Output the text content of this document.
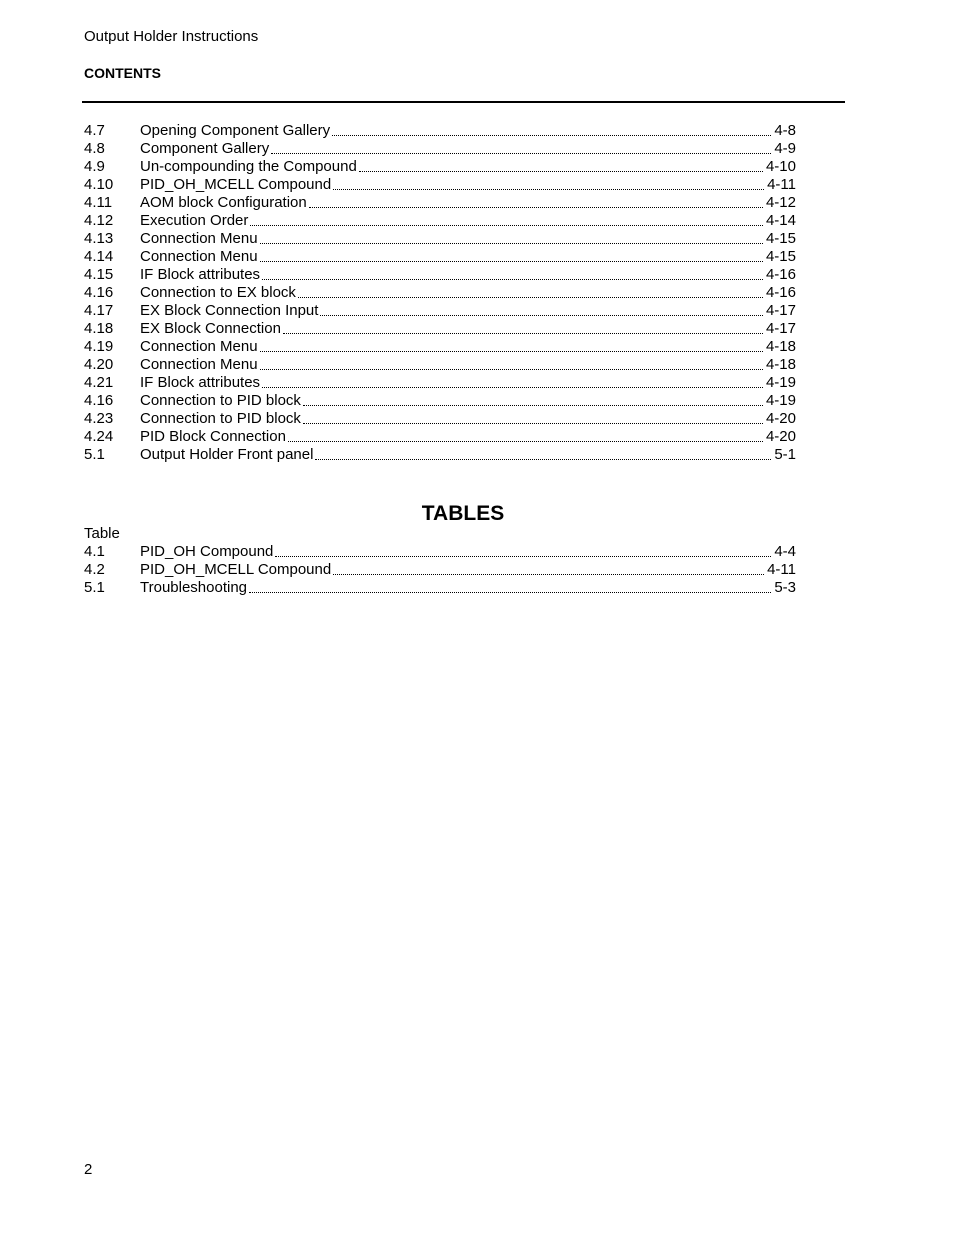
Output Holder Instructions
CONTENTS
4.7	Opening Component Gallery	4-8
4.8	Component Gallery	4-9
4.9	Un-compounding the Compound	4-10
4.10	PID_OH_MCELL Compound	4-11
4.11	AOM block Configuration	4-12
4.12	Execution Order	4-14
4.13	Connection Menu	4-15
4.14	Connection Menu	4-15
4.15	IF Block attributes	4-16
4.16	Connection to EX block	4-16
4.17	EX Block Connection Input	4-17
4.18	EX Block Connection	4-17
4.19	Connection Menu	4-18
4.20	Connection Menu	4-18
4.21	IF Block attributes	4-19
4.16	Connection to PID block	4-19
4.23	Connection to PID block	4-20
4.24	PID Block Connection	4-20
5.1	Output Holder Front panel	5-1
TABLES
Table
4.1	PID_OH Compound	4-4
4.2	PID_OH_MCELL Compound	4-11
5.1	Troubleshooting	5-3
2
